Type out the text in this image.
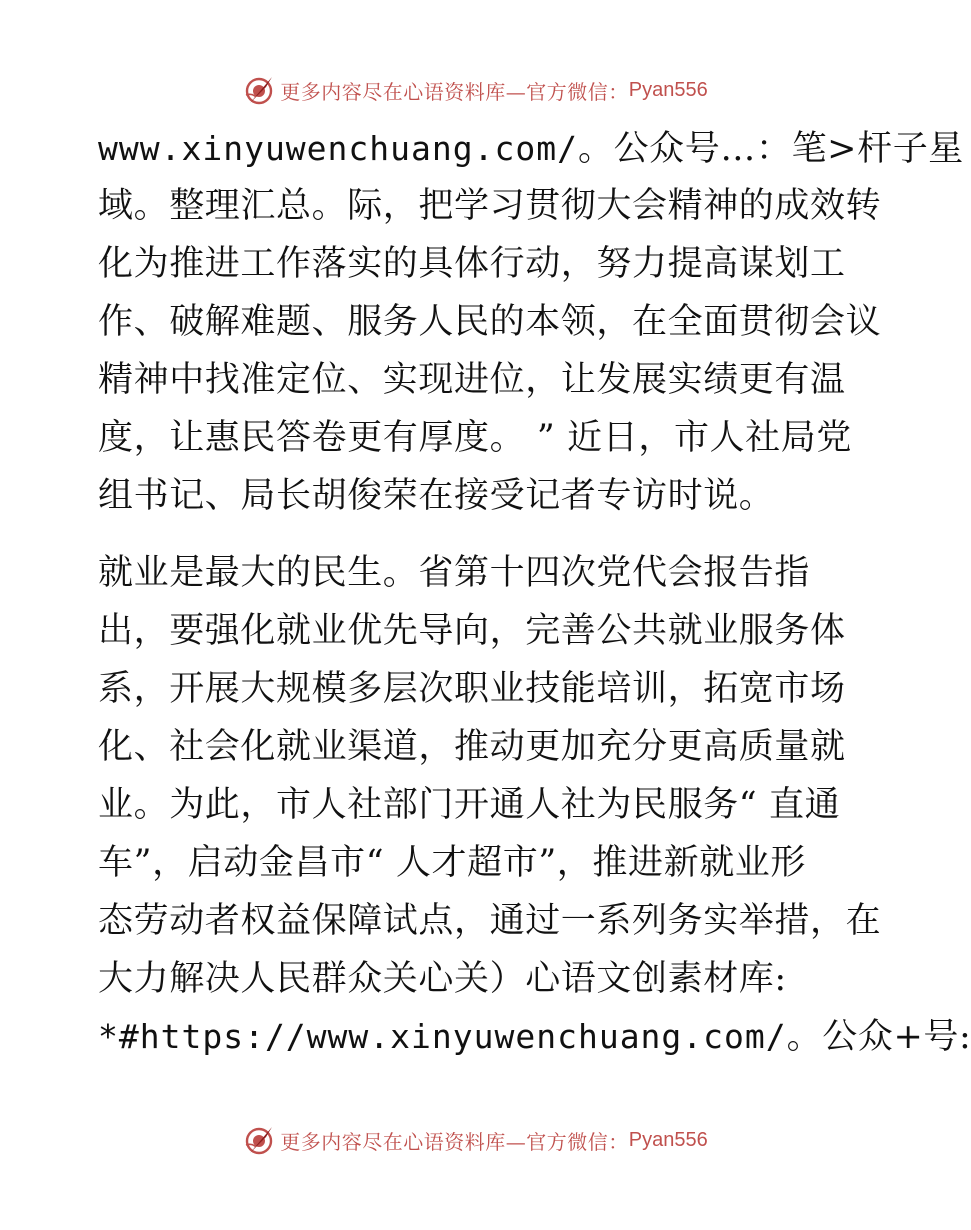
更多内容尽在心语资料库—官方微信： Pyan556
www.xinyuwenchuang.com/。公众号…：笔>杆子星
域。整理汇总。际，把学习贯彻大会精神的成效转
化为推进工作落实的具体行动，努力提高谋划工
作、破解难题、服务人民的本领，在全面贯彻会议
精神中找准定位、实现进位，让发展实绩更有温
度，让惠民答卷更有厚度。 ” 近日，市人社局党
组书记、局长胡俊荣在接受记者专访时说。
就业是最大的民生。省第十四次党代会报告指
出，要强化就业优先导向，完善公共就业服务体
系，开展大规模多层次职业技能培训，拓宽市场
化、社会化就业渠道，推动更加充分更高质量就
业。为此，市人社部门开通人社为民服务“ 直通
车”，启动金昌市“ 人才超市”，推进新就业形
态劳动者权益保障试点，通过一系列务实举措，在
大力解决人民群众关心关）心语文创素材库:
*#https://www.xinyuwenchuang.com/。公众+号:
更多内容尽在心语资料库—官方微信： Pyan556
